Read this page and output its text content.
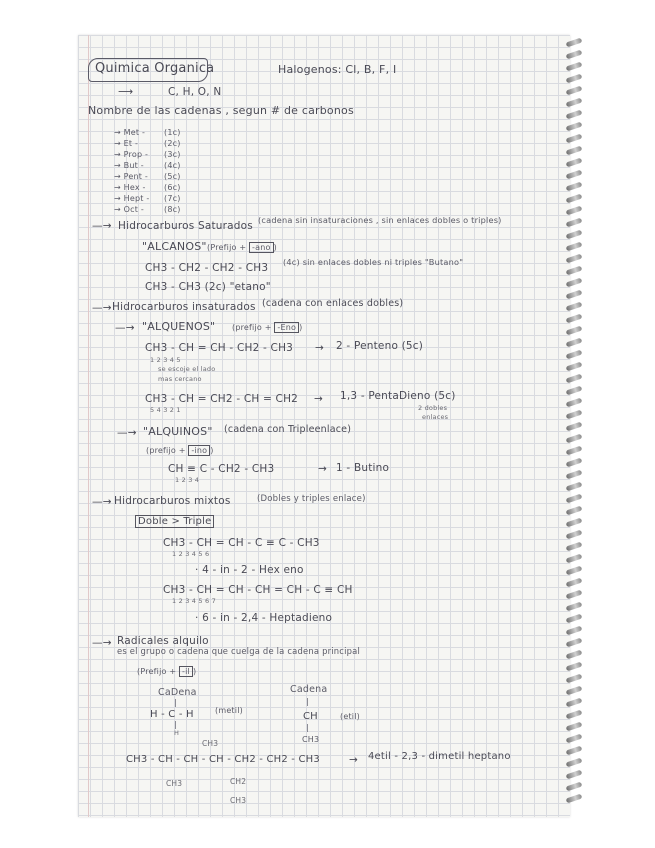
Quimica Organica	Halogenos: Cl, B, F, I
⟶	C, H, O, N
Nombre de las cadenas , segun # de carbonos
→ Met - (1c)
→ Et -	(2c)
→ Prop - (3c)
→ But -	(4c)
→ Pent - (5c)
→ Hex - (6c)
→ Hept - (7c)
→ Oct -	(8c)
—→ Hidrocarburos Saturados (cadena sin insaturaciones , sin enlaces dobles o triples)
"ALCANOS" (Prefijo + -ano )
CH3 - CH2 - CH2 - CH3 (4c) sin enlaces dobles ni triples "Butano"
CH3 - CH3 (2c) "etano"
—→ Hidrocarburos insaturados (cadena con enlaces dobles)
—→ "ALQUENOS" (prefijo + -Eno )
CH3 - CH = CH - CH2 - CH3
1 2 3 4 5
→ 2 - Penteno (5c)
se escoje el lado
mas cercano
CH3 - CH = CH2 - CH = CH2
5 4 3 2 1
→ 1,3 - PentaDieno (5c)
2 dobles
enlaces
—→ "ALQUINOS" (cadena con Tripleenlace)
(prefijo + -ino )
CH ≡ C - CH2 - CH3
1 2 3 4
→ 1 - Butino
—→ Hidrocarburos mixtos	(Dobles y triples enlace)
Doble > Triple
CH3 - CH = CH - C ≡ C - CH3
1 2 3 4 5 6
· 4 - in - 2 - Hex eno
CH3 - CH = CH - CH = CH - C ≡ CH
1 2 3 4 5 6 7
· 6 - in - 2,4 - Heptadieno
—→ Radicales alquilo
es el grupo o cadena que cuelga de la cadena principal
(Prefijo + -il )
CaDena
|
H - C - H
|
H
(metil)
Cadena
|
CH
|
CH3
(etil)
CH3
CH3 - CH - CH - CH - CH2 - CH2 - CH3	→ 4etil - 2,3 - dimetil heptano
CH3	CH2
CH3
